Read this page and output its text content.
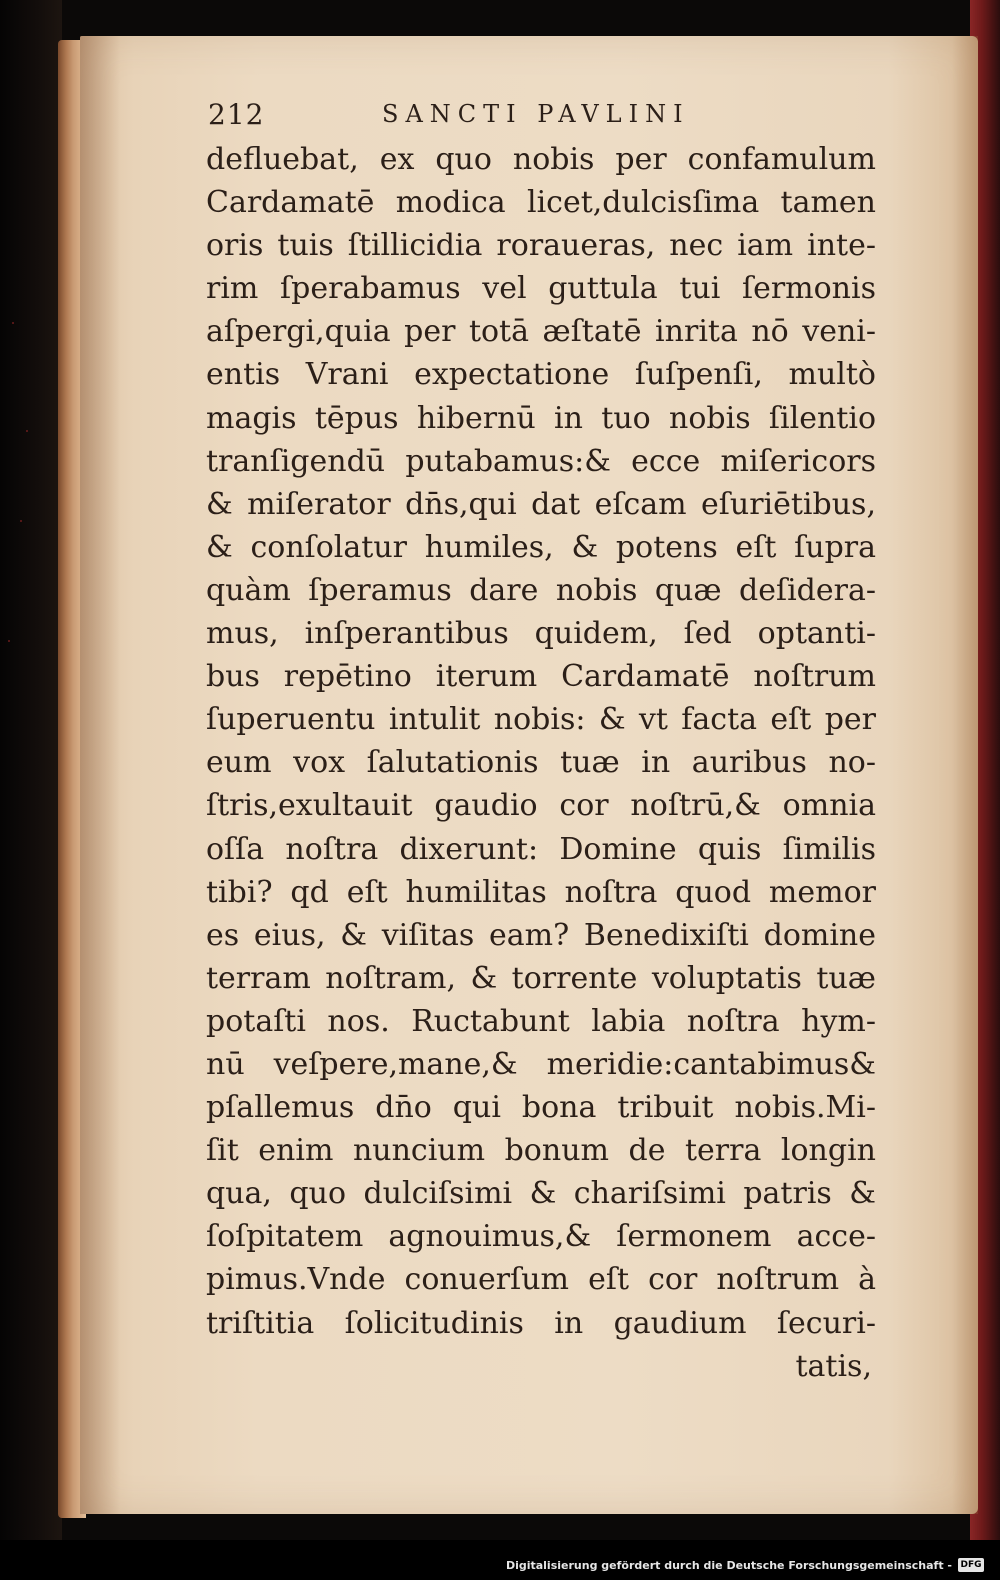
212	SANCTI PAVLINI
defluebat, ex quo nobis per confamulum
Cardamatē modica licet,dulcisſima tamen
oris tuis ſtillicidia roraueras, nec iam inte-
rim ſperabamus vel guttula tui ſermonis
aſpergi,quia per totā æſtatē inrita nō veni-
entis Vrani expectatione ſuſpenſi, multò
magis tēpus hibernū in tuo nobis ſilentio
tranſigendū putabamus:& ecce miſericors
& miſerator dn̄s,qui dat eſcam eſuriētibus,
& conſolatur humiles, & potens eſt ſupra
quàm ſperamus dare nobis quæ deſidera-
mus, inſperantibus quidem, ſed optanti-
bus repētino iterum Cardamatē noſtrum
ſuperuentu intulit nobis: & vt facta eſt per
eum vox ſalutationis tuæ in auribus no-
ſtris,exultauit gaudio cor noſtrū,& omnia
oſſa noſtra dixerunt: Domine quis ſimilis
tibi? qd eſt humilitas noſtra quod memor
es eius, & viſitas eam? Benedixiſti domine
terram noſtram, & torrente voluptatis tuæ
potaſti nos. Ructabunt labia noſtra hym-
nū veſpere,mane,& meridie:cantabimus&
pſallemus dn̄o qui bona tribuit nobis.Mi-
ſit enim nuncium bonum de terra longin
qua, quo dulciſsimi & chariſsimi patris &
ſoſpitatem agnouimus,& ſermonem acce-
pimus.Vnde conuerſum eſt cor noſtrum à
triſtitia ſolicitudinis in gaudium ſecuri-
tatis,
Digitalisierung gefördert durch die Deutsche Forschungsgemeinschaft - DFG
